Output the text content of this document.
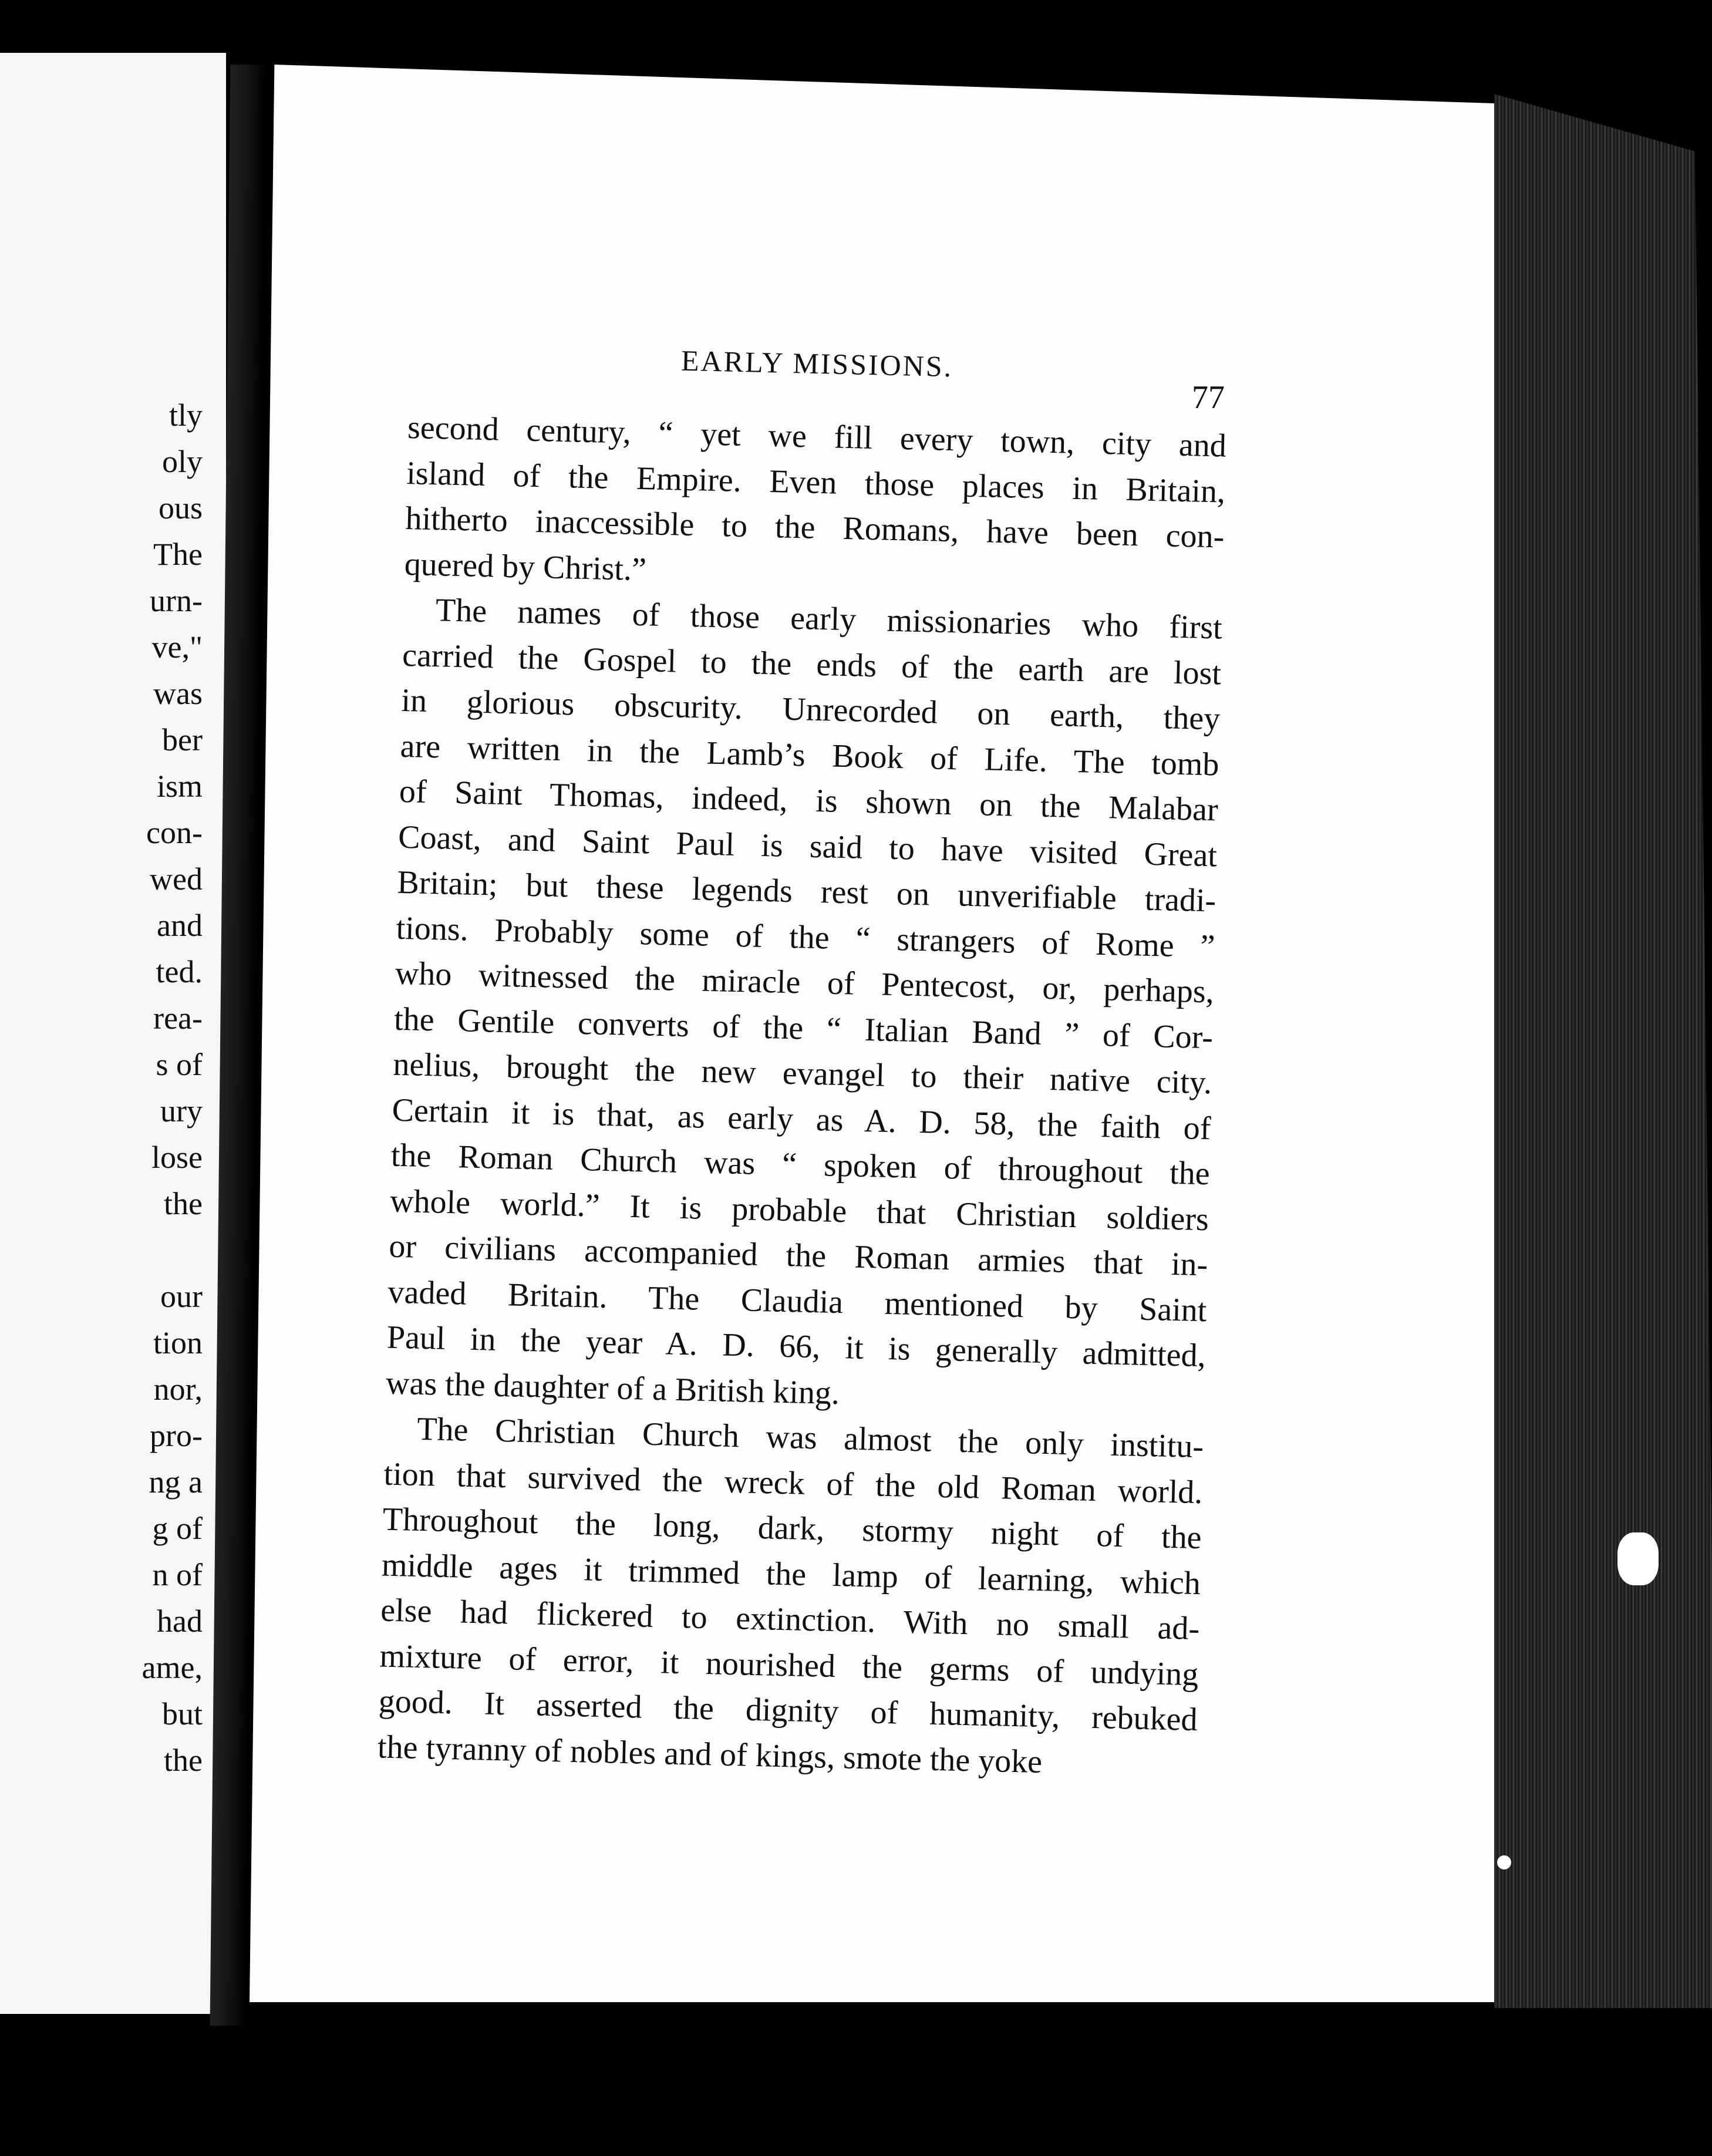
tly
oly
ous
The
urn-
ve,"
was
ber
ism
con-
wed
and
ted.
rea-
s of
ury
lose
the
our
tion
nor,
pro-
ng a
g of
n of
had
ame,
but
the
EARLY MISSIONS.
77
second century, “ yet we fill every town, city and
island of the Empire. Even those places in Britain,
hitherto inaccessible to the Romans, have been con-
quered by Christ.”
The names of those early missionaries who first
carried the Gospel to the ends of the earth are lost
in glorious obscurity. Unrecorded on earth, they
are written in the Lamb’s Book of Life. The tomb
of Saint Thomas, indeed, is shown on the Malabar
Coast, and Saint Paul is said to have visited Great
Britain; but these legends rest on unverifiable tradi-
tions. Probably some of the “ strangers of Rome ”
who witnessed the miracle of Pentecost, or, perhaps,
the Gentile converts of the “ Italian Band ” of Cor-
nelius, brought the new evangel to their native city.
Certain it is that, as early as A. D. 58, the faith of
the Roman Church was “ spoken of throughout the
whole world.” It is probable that Christian soldiers
or civilians accompanied the Roman armies that in-
vaded Britain. The Claudia mentioned by Saint
Paul in the year A. D. 66, it is generally admitted,
was the daughter of a British king.
The Christian Church was almost the only institu-
tion that survived the wreck of the old Roman world.
Throughout the long, dark, stormy night of the
middle ages it trimmed the lamp of learning, which
else had flickered to extinction. With no small ad-
mixture of error, it nourished the germs of undying
good. It asserted the dignity of humanity, rebuked
the tyranny of nobles and of kings, smote the yoke
